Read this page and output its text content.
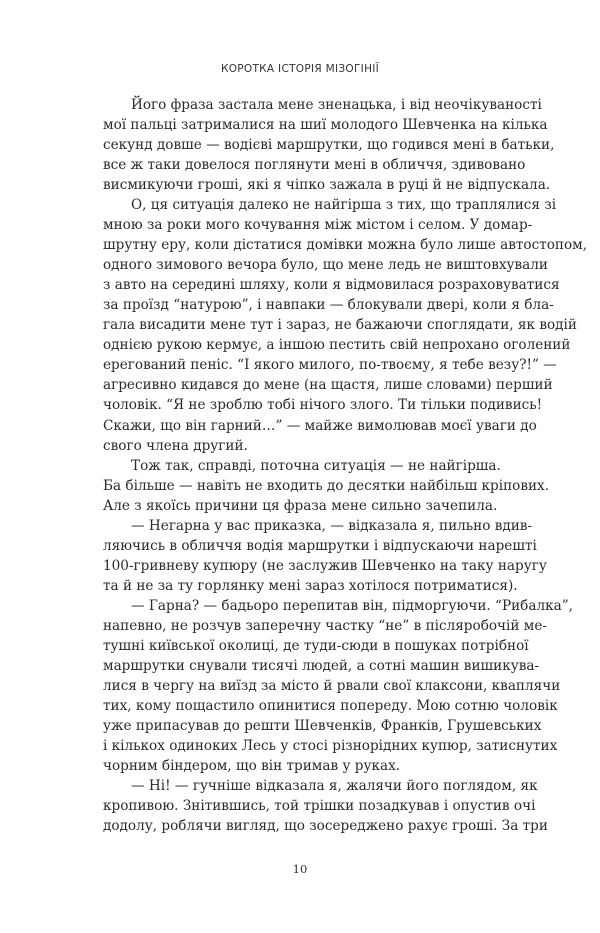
КОРОТКА ІСТОРІЯ МІЗОГІНІЇ
Його фраза застала мене зненацька, і від неочікуваності
мої пальці затрималися на шиї молодого Шевченка на кілька
секунд довше — водієві маршрутки, що годився мені в батьки,
все ж таки довелося поглянути мені в обличчя, здивовано
висмикуючи гроші, які я чіпко зажала в руці й не відпускала.
О, ця ситуація далеко не найгірша з тих, що траплялися зі
мною за роки мого кочування між містом і селом. У домар-
шрутну еру, коли дістатися домівки можна було лише автостопом,
одного зимового вечора було, що мене ледь не виштовхували
з авто на середині шляху, коли я відмовилася розраховуватися
за проїзд “натурою”, і навпаки — блокували двері, коли я бла-
гала висадити мене тут і зараз, не бажаючи споглядати, як водій
однією рукою кермує, а іншою пестить свій непрохано оголений
ерегований пеніс. “І якого милого, по-твоєму, я тебе везу?!” —
агресивно кидався до мене (на щастя, лише словами) перший
чоловік. “Я не зроблю тобі нічого злого. Ти тільки подивись!
Скажи, що він гарний…” — майже вимолював моєї уваги до
свого члена другий.
Тож так, справді, поточна ситуація — не найгірша.
Ба більше — навіть не входить до десятки найбільш кріпових.
Але з якоїсь причини ця фраза мене сильно зачепила.
— Негарна у вас приказка, — відказала я, пильно вдив-
ляючись в обличчя водія маршрутки і відпускаючи нарешті
100-гривневу купюру (не заслужив Шевченко на таку наругу
та й не за ту горлянку мені зараз хотілося потриматися).
— Гарна? — бадьоро перепитав він, підморгуючи. “Рибалка”,
напевно, не розчув заперечну частку “не” в післяробочій ме-
тушні київської околиці, де туди-сюди в пошуках потрібної
маршрутки снували тисячі людей, а сотні машин вишикува-
лися в чергу на виїзд за місто й рвали свої клаксони, кваплячи
тих, кому пощастило опинитися попереду. Мою сотню чоловік
уже припасував до решти Шевченків, Франків, Грушевських
і кількох одиноких Лесь у стосі різнорідних купюр, затиснутих
чорним біндером, що він тримав у руках.
— Ні! — гучніше відказала я, жалячи його поглядом, як
кропивою. Знітившись, той трішки позадкував і опустив очі
додолу, роблячи вигляд, що зосереджено рахує гроші. За три
10
